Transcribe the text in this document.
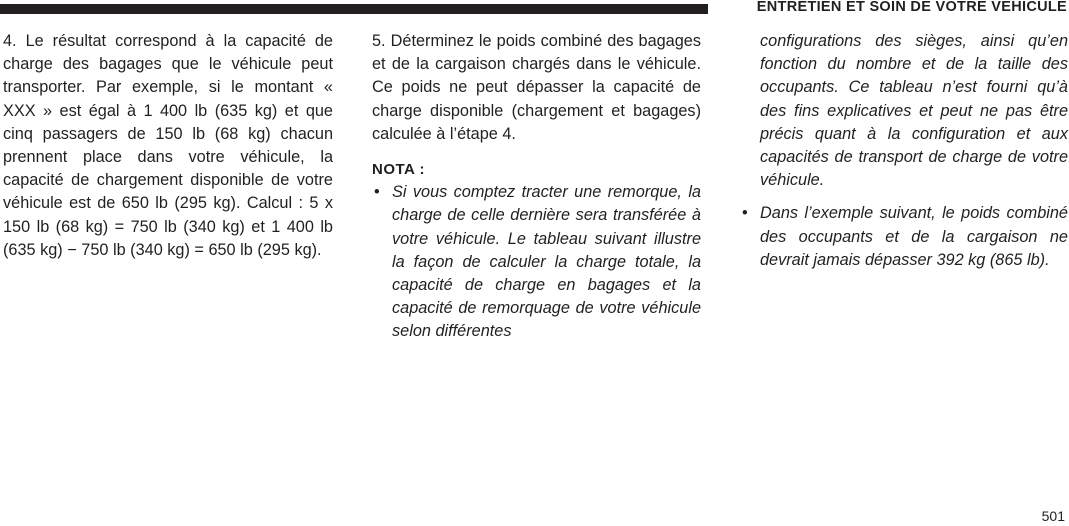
ENTRETIEN ET SOIN DE VOTRE VÉHICULE

4. Le résultat correspond à la capacité de charge des bagages que le véhicule peut transporter. Par exemple, si le montant « XXX » est égal à 1 400 lb (635 kg) et que cinq passagers de 150 lb (68 kg) chacun prennent place dans votre véhicule, la capacité de chargement disponible de votre véhicule est de 650 lb (295 kg). Calcul : 5 x 150 lb (68 kg) = 750 lb (340 kg) et 1 400 lb (635 kg) − 750 lb (340 kg) = 650 lb (295 kg).

5. Déterminez le poids combiné des bagages et de la cargaison chargés dans le véhicule. Ce poids ne peut dépasser la capacité de charge disponible (chargement et bagages) calculée à l’étape 4.

NOTA :

• Si vous comptez tracter une remorque, la charge de celle dernière sera transférée à votre véhicule. Le tableau suivant illustre la façon de calculer la charge totale, la capacité de charge en bagages et la capacité de remorquage de votre véhicule selon différentes

configurations des sièges, ainsi qu’en fonction du nombre et de la taille des occupants. Ce tableau n’est fourni qu’à des fins explicatives et peut ne pas être précis quant à la configuration et aux capacités de transport de charge de votre véhicule.

• Dans l’exemple suivant, le poids combiné des occupants et de la cargaison ne devrait jamais dépasser 392 kg (865 lb).
501
